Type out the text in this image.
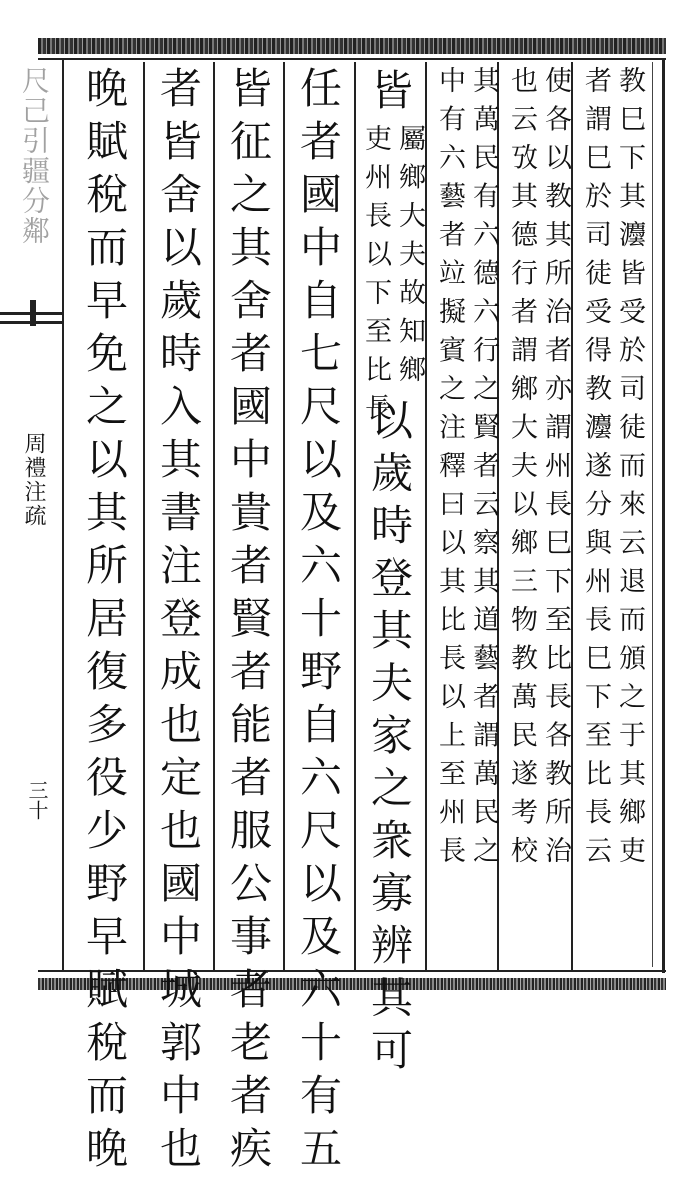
尺己引疆分鄰
周禮注疏
三十	教巳下其灋皆受於司徒而來云退而頒之于其鄉吏
者謂巳於司徒受得教灋遂分與州長巳下至比長云
使各以教其所治者亦謂州長巳下至比長各教所治
也云攷其德行者謂鄉大夫以鄉三物教萬民遂考校
其萬民有六德六行之賢者云察其道藝者謂萬民之
中有六藝者竝擬賓之注釋曰以其比長以上至州長
皆
屬鄉大夫故知鄉
吏州長以下至比長
以歲時登其夫家之衆寡辨其可
任者國中自七尺以及六十野自六尺以及六十有五
皆征之其舍者國中貴者賢者能者服公事者老者疾
者皆舍以歲時入其書注登成也定也國中城郭中也
晚賦稅而早免之以其所居復多役少野早賦稅而晚
